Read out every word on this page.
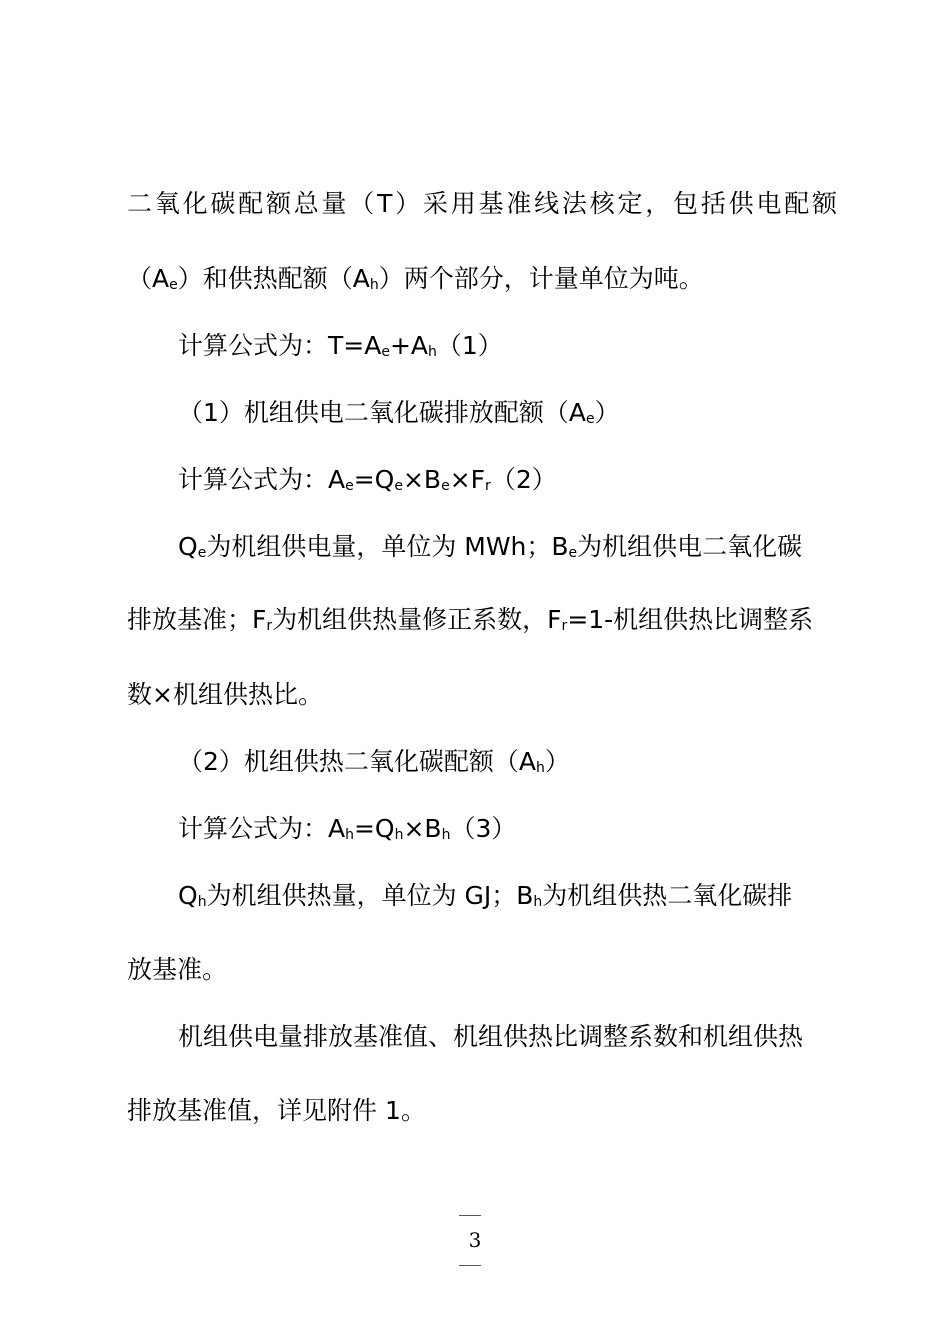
二氧化碳配额总量（T）采用基准线法核定，包括供电配额
$(A_e)$和供热配额$(A_h)$两个部分，计量单位为吨。
计算公式为：$T=A_e+A_h(1)$
（1）机组供电二氧化碳排放配额$(A_e)$
计算公式为：$A_e=Q_e\times B_e\times F_r(2)$
$Q_e$为机组供电量，单位为 MWh；$B_e$为机组供电二氧化碳
排放基准；$F_r$为机组供热量修正系数，$F_r=1-$机组供热比调整系
数×机组供热比。
（2）机组供热二氧化碳配额$(A_h)$
计算公式为：$A_h=Q_h\times B_h(3)$
$Q_h$为机组供热量，单位为 GJ；$B_h$为机组供热二氧化碳排
放基准。
机组供电量排放基准值、机组供热比调整系数和机组供热
排放基准值，详见附件 1。
3
